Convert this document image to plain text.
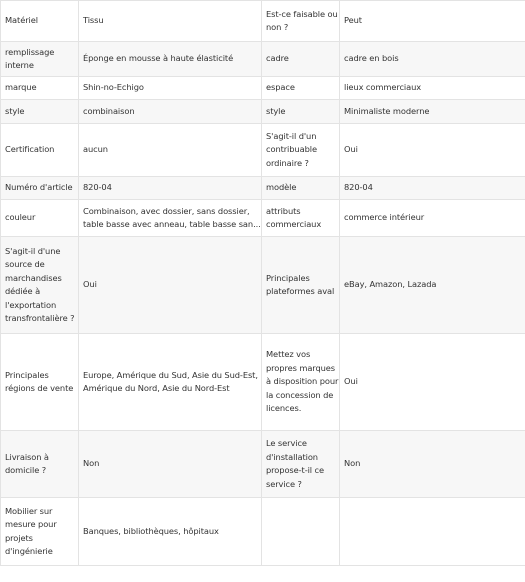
Matériel	Tissu	Est-ce faisable ou non ?	Peut
remplissage interne	Éponge en mousse à haute élasticité	cadre	cadre en bois
marque	Shin-no-Echigo	espace	lieux commerciaux
style	combinaison	style	Minimaliste moderne
Certification	aucun	S'agit-il d'un contribuable ordinaire ?	Oui
Numéro d'article	820-04	modèle	820-04
couleur	Combinaison, avec dossier, sans dossier, table basse avec anneau, table basse san...	attributs commerciaux	commerce intérieur
S'agit-il d'une source de marchandises dédiée à l'exportation transfrontalière ?	Oui	Principales plateformes aval	eBay, Amazon, Lazada
Principales régions de vente	Europe, Amérique du Sud, Asie du Sud-Est, Amérique du Nord, Asie du Nord-Est	Mettez vos propres marques à disposition pour la concession de licences.	Oui
Livraison à domicile ?	Non	Le service d'installation propose-t-il ce service ?	Non
Mobilier sur mesure pour projets d'ingénierie	Banques, bibliothèques, hôpitaux		
